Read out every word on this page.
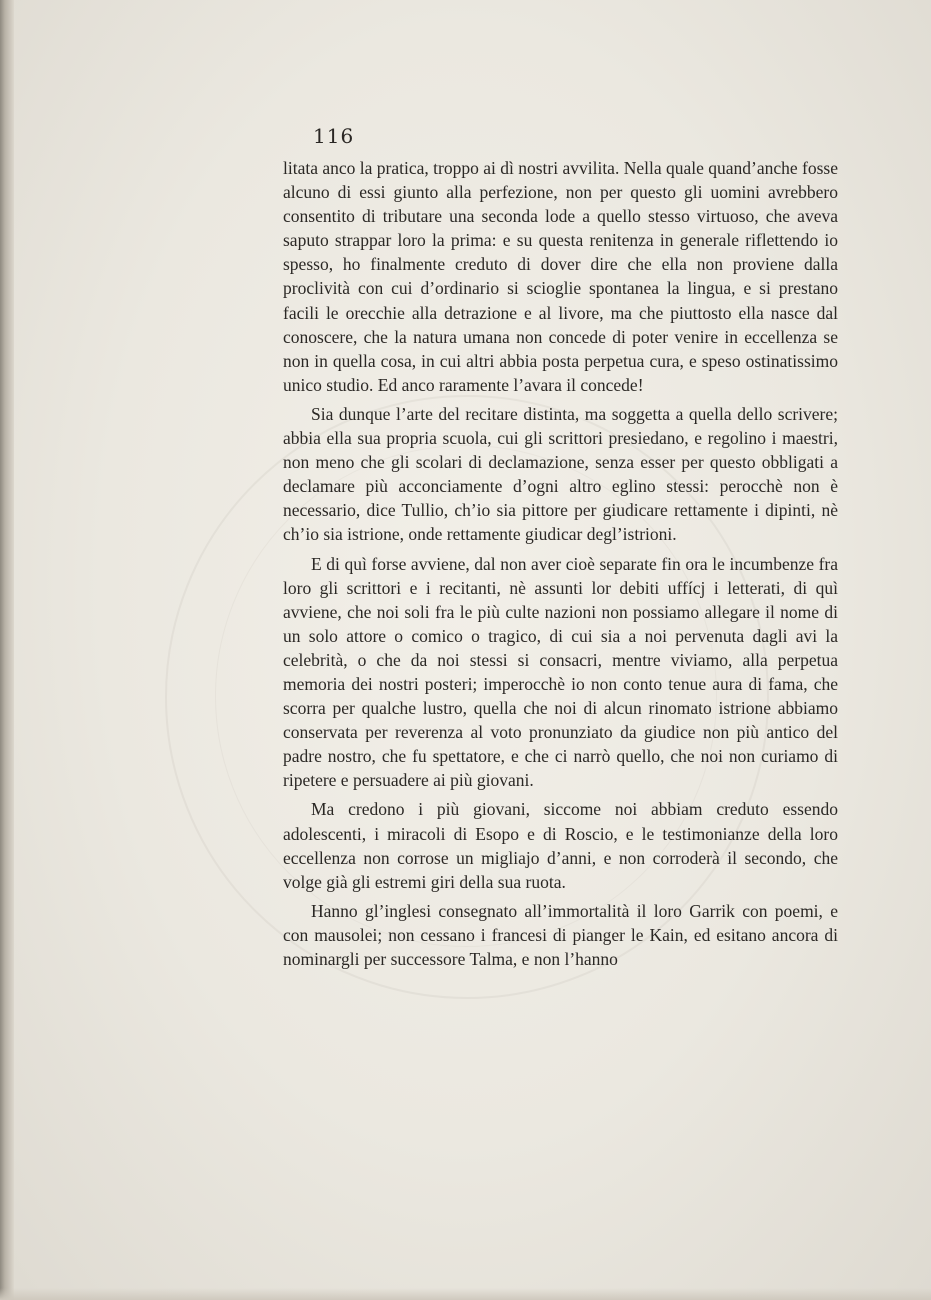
116

litata anco la pratica, troppo ai dì nostri avvilita. Nella quale quand’anche fosse alcuno di essi giunto alla perfezione, non per questo gli uomini avrebbero consentito di tributare una seconda lode a quello stesso virtuoso, che aveva saputo strappar loro la prima: e su questa renitenza in generale riflettendo io spesso, ho finalmente creduto di dover dire che ella non proviene dalla proclività con cui d’ordinario si scioglie spontanea la lingua, e si prestano facili le orecchie alla detrazione e al livore, ma che piuttosto ella nasce dal conoscere, che la natura umana non concede di poter venire in eccellenza se non in quella cosa, in cui altri abbia posta perpetua cura, e speso ostinatissimo unico studio. Ed anco raramente l’avara il concede!

Sia dunque l’arte del recitare distinta, ma soggetta a quella dello scrivere; abbia ella sua propria scuola, cui gli scrittori presiedano, e regolino i maestri, non meno che gli scolari di declamazione, senza esser per questo obbligati a declamare più acconciamente d’ogni altro eglino stessi: perocchè non è necessario, dice Tullio, ch’io sia pittore per giudicare rettamente i dipinti, nè ch’io sia istrione, onde rettamente giudicar degl’istrioni.

E di quì forse avviene, dal non aver cioè separate fin ora le incumbenze fra loro gli scrittori e i recitanti, nè assunti lor debiti uffícj i letterati, di quì avviene, che noi soli fra le più culte nazioni non possiamo allegare il nome di un solo attore o comico o tragico, di cui sia a noi pervenuta dagli avi la celebrità, o che da noi stessi si consacri, mentre viviamo, alla perpetua memoria dei nostri posteri; imperocchè io non conto tenue aura di fama, che scorra per qualche lustro, quella che noi di alcun rinomato istrione abbiamo conservata per reverenza al voto pronunziato da giudice non più antico del padre nostro, che fu spettatore, e che ci narrò quello, che noi non curiamo di ripetere e persuadere ai più giovani.

Ma credono i più giovani, siccome noi abbiam creduto essendo adolescenti, i miracoli di Esopo e di Roscio, e le testimonianze della loro eccellenza non corrose un migliajo d’anni, e non corroderà il secondo, che volge già gli estremi giri della sua ruota.

Hanno gl’inglesi consegnato all’immortalità il loro Garrik con poemi, e con mausolei; non cessano i francesi di pianger le Kain, ed esitano ancora di nominargli per successore Talma, e non l’hanno
